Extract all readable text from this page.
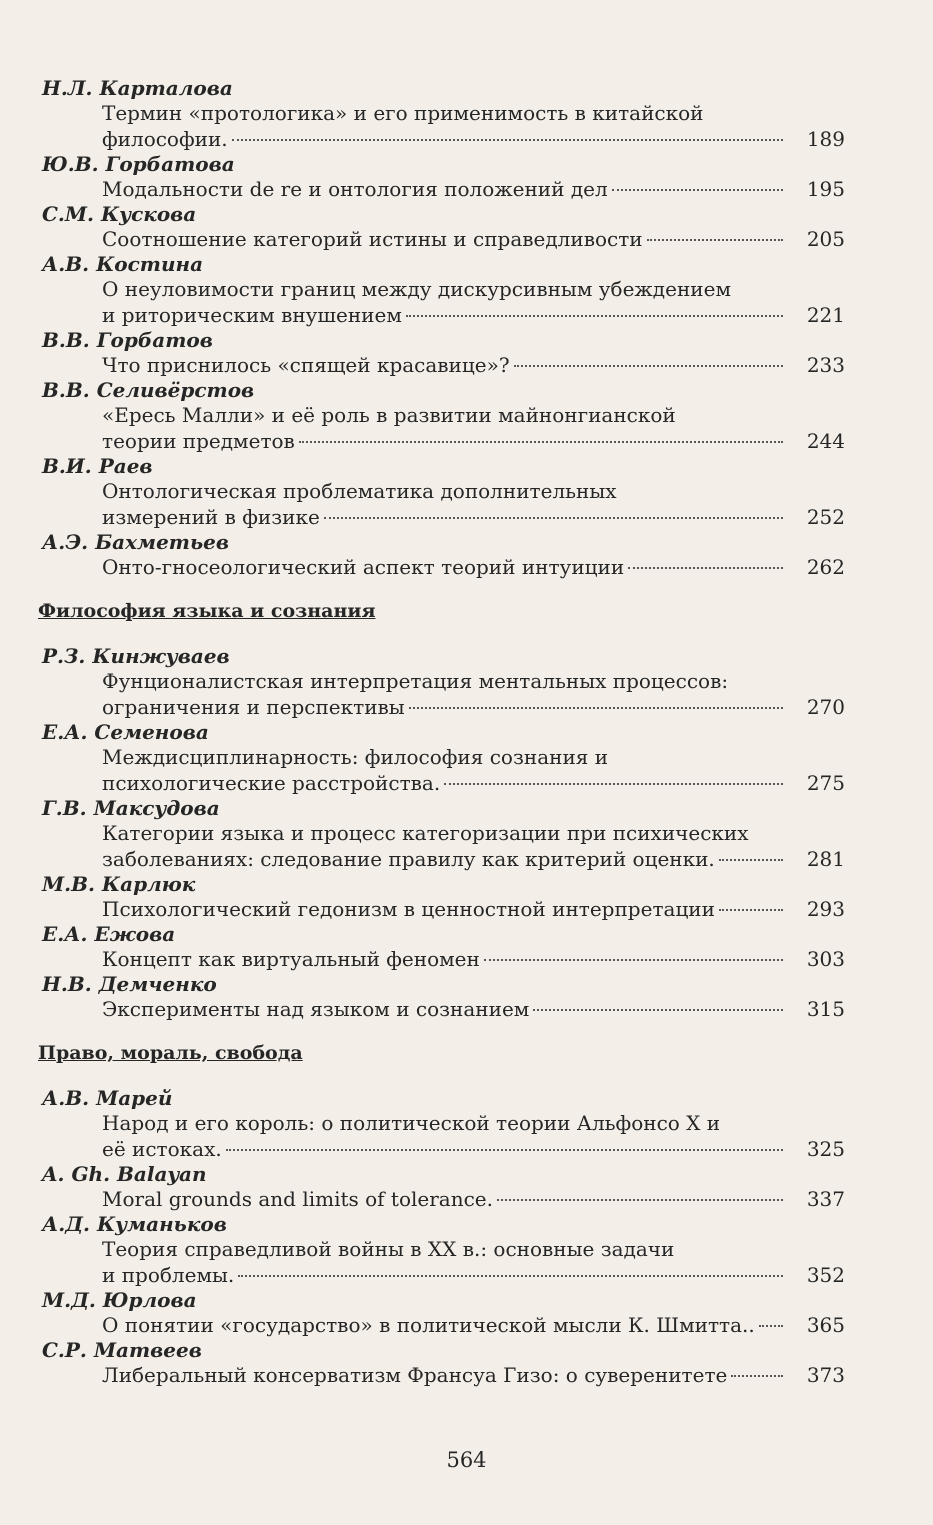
Н.Л. Карталова
Термин «протологика» и его применимость в китайской
философии.	189
Ю.В. Горбатова
Модальности de re и онтология положений дел	195
С.М. Кускова
Соотношение категорий истины и справедливости	205
А.В. Костина
О неуловимости границ между дискурсивным убеждением
и риторическим внушением	221
В.В. Горбатов
Что приснилось «спящей красавице»?	233
В.В. Селивёрстов
«Ересь Малли» и её роль в развитии майнонгианской
теории предметов	244
В.И. Раев
Онтологическая проблематика дополнительных
измерений в физике	252
А.Э. Бахметьев
Онто-гносеологический аспект теорий интуиции	262
Философия языка и сознания
Р.З. Кинжуваев
Фунционалистская интерпретация ментальных процессов:
ограничения и перспективы	270
Е.А. Семенова
Междисциплинарность: философия сознания и
психологические расстройства.	275
Г.В. Максудова
Категории языка и процесс категоризации при психических
заболеваниях: следование правилу как критерий оценки.	281
М.В. Карлюк
Психологический гедонизм в ценностной интерпретации	293
Е.А. Ежова
Концепт как виртуальный феномен	303
Н.В. Демченко
Эксперименты над языком и сознанием	315
Право, мораль, свобода
А.В. Марей
Народ и его король: о политической теории Альфонсо X и
её истоках.	325
A. Gh. Balayan
Moral grounds and limits of tolerance.	337
А.Д. Куманьков
Теория справедливой войны в XX в.: основные задачи
и проблемы.	352
М.Д. Юрлова
О понятии «государство» в политической мысли К. Шмитта..	365
С.Р. Матвеев
Либеральный консерватизм Франсуа Гизо: о суверенитете	373
564
